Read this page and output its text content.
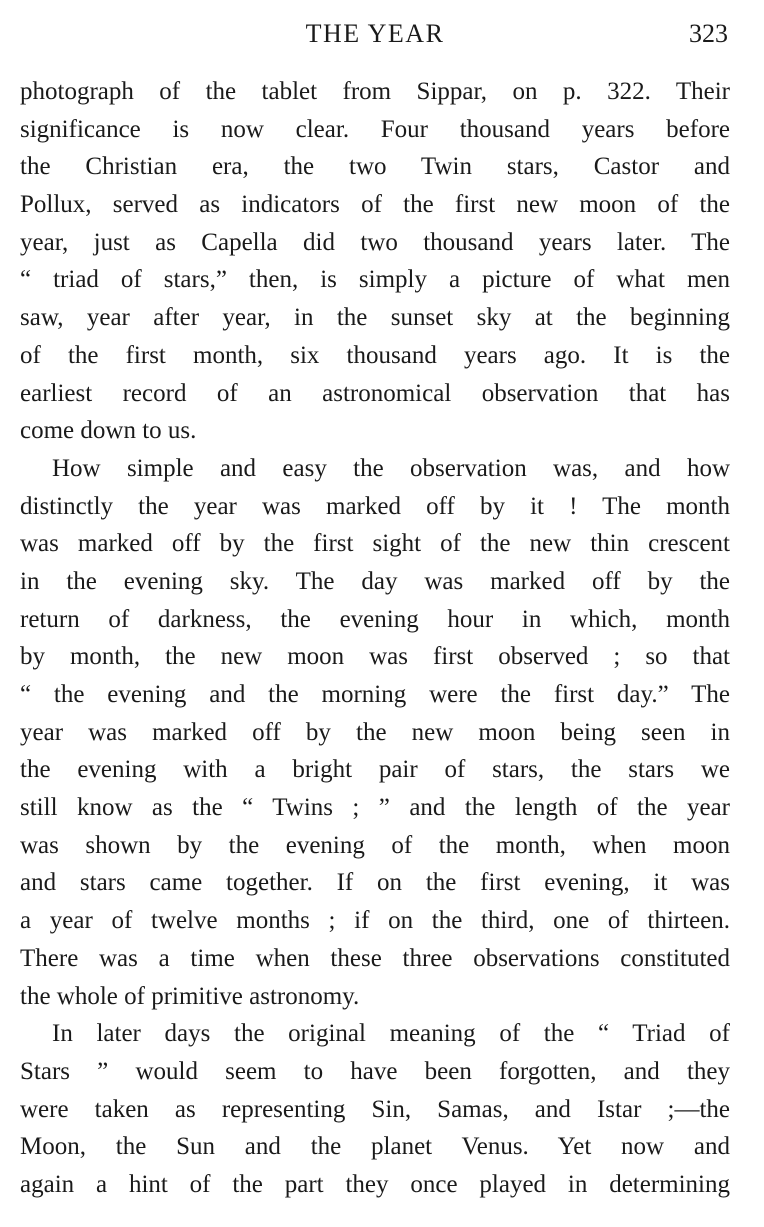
THE YEAR	323

photograph of the tablet from Sippar, on p. 322. Their
significance is now clear. Four thousand years before
the Christian era, the two Twin stars, Castor and
Pollux, served as indicators of the first new moon of the
year, just as Capella did two thousand years later. The
“ triad of stars,” then, is simply a picture of what men
saw, year after year, in the sunset sky at the beginning
of the first month, six thousand years ago. It is the
earliest record of an astronomical observation that has
come down to us.

How simple and easy the observation was, and how
distinctly the year was marked off by it ! The month
was marked off by the first sight of the new thin crescent
in the evening sky. The day was marked off by the
return of darkness, the evening hour in which, month
by month, the new moon was first observed ; so that
“ the evening and the morning were the first day.” The
year was marked off by the new moon being seen in
the evening with a bright pair of stars, the stars we
still know as the “ Twins ; ” and the length of the year
was shown by the evening of the month, when moon
and stars came together. If on the first evening, it was
a year of twelve months ; if on the third, one of thirteen.
There was a time when these three observations constituted
the whole of primitive astronomy.

In later days the original meaning of the “ Triad of
Stars ” would seem to have been forgotten, and they
were taken as representing Sin, Samas, and Istar ;—the
Moon, the Sun and the planet Venus. Yet now and
again a hint of the part they once played in determining
